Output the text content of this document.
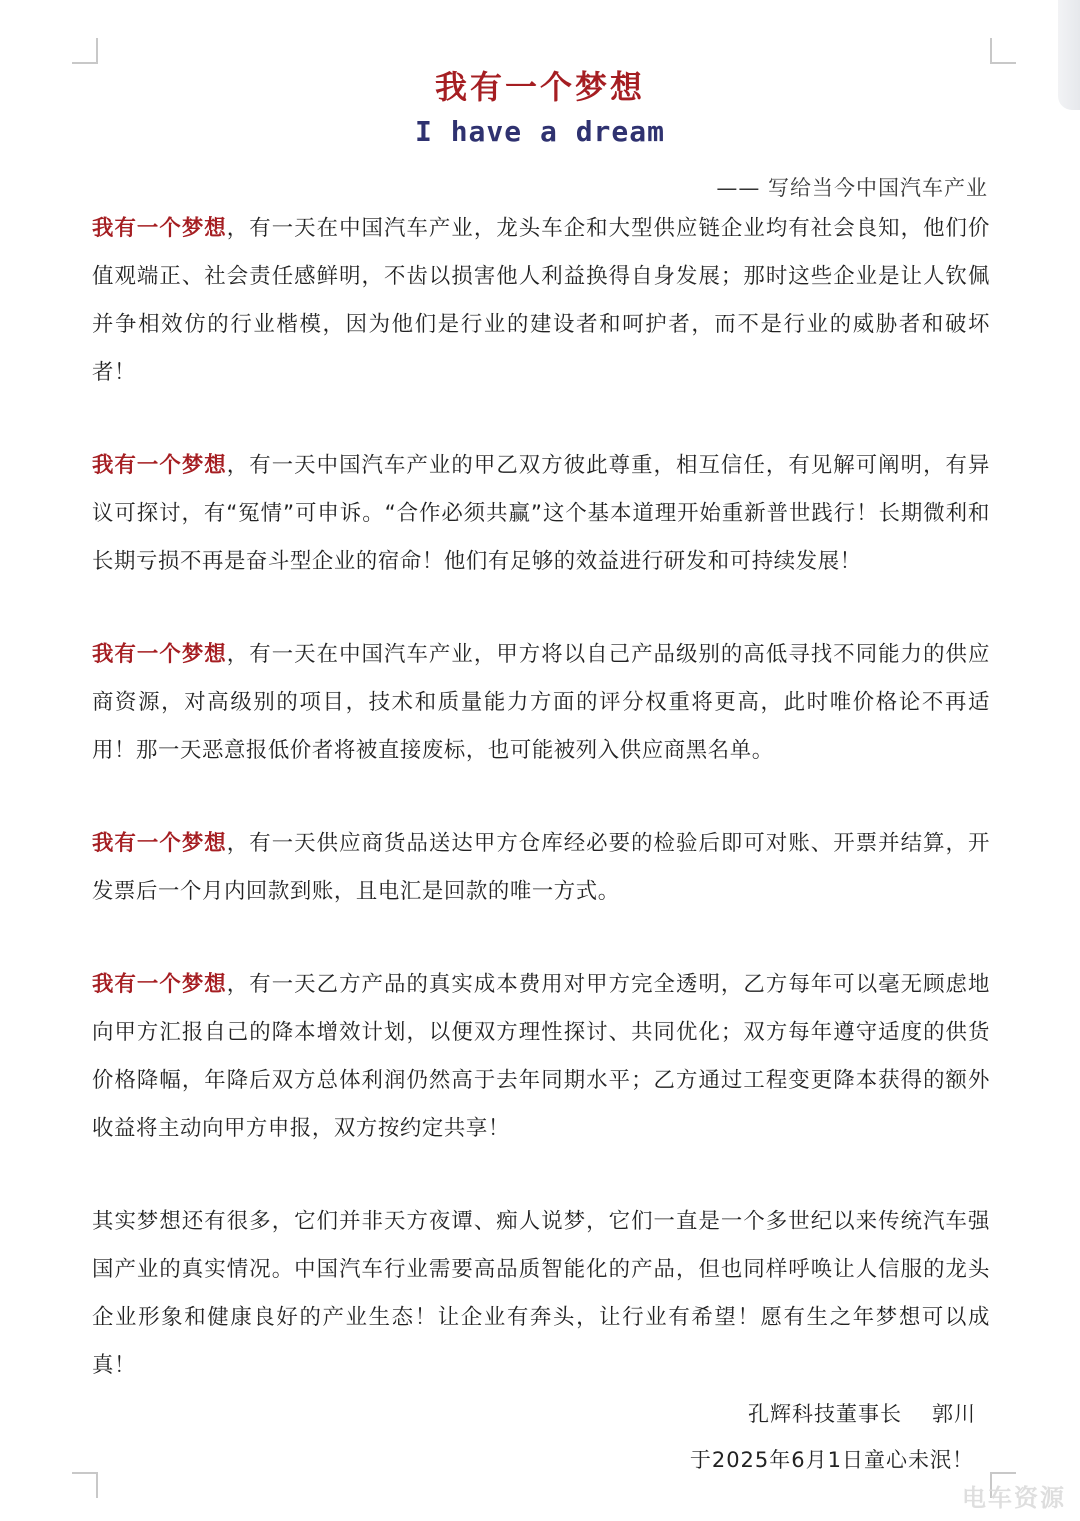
我有一个梦想
I have a dream
—— 写给当今中国汽车产业

我有一个梦想，有一天在中国汽车产业，龙头车企和大型供应链企业均有社会良知，他们价值观端正、社会责任感鲜明，不齿以损害他人利益换得自身发展；那时这些企业是让人钦佩并争相效仿的行业楷模，因为他们是行业的建设者和呵护者，而不是行业的威胁者和破坏者！

我有一个梦想，有一天中国汽车产业的甲乙双方彼此尊重，相互信任，有见解可阐明，有异议可探讨，有“冤情”可申诉。“合作必须共赢”这个基本道理开始重新普世践行！长期微利和长期亏损不再是奋斗型企业的宿命！他们有足够的效益进行研发和可持续发展！

我有一个梦想，有一天在中国汽车产业，甲方将以自己产品级别的高低寻找不同能力的供应商资源，对高级别的项目，技术和质量能力方面的评分权重将更高，此时唯价格论不再适用！那一天恶意报低价者将被直接废标，也可能被列入供应商黑名单。

我有一个梦想，有一天供应商货品送达甲方仓库经必要的检验后即可对账、开票并结算，开发票后一个月内回款到账，且电汇是回款的唯一方式。

我有一个梦想，有一天乙方产品的真实成本费用对甲方完全透明，乙方每年可以毫无顾虑地向甲方汇报自己的降本增效计划，以便双方理性探讨、共同优化；双方每年遵守适度的供货价格降幅，年降后双方总体利润仍然高于去年同期水平；乙方通过工程变更降本获得的额外收益将主动向甲方申报，双方按约定共享！

其实梦想还有很多，它们并非天方夜谭、痴人说梦，它们一直是一个多世纪以来传统汽车强国产业的真实情况。中国汽车行业需要高品质智能化的产品，但也同样呼唤让人信服的龙头企业形象和健康良好的产业生态！让企业有奔头，让行业有希望！愿有生之年梦想可以成真！

孔辉科技董事长 郭川
于2025年6月1日童心未泯！
电车资源
